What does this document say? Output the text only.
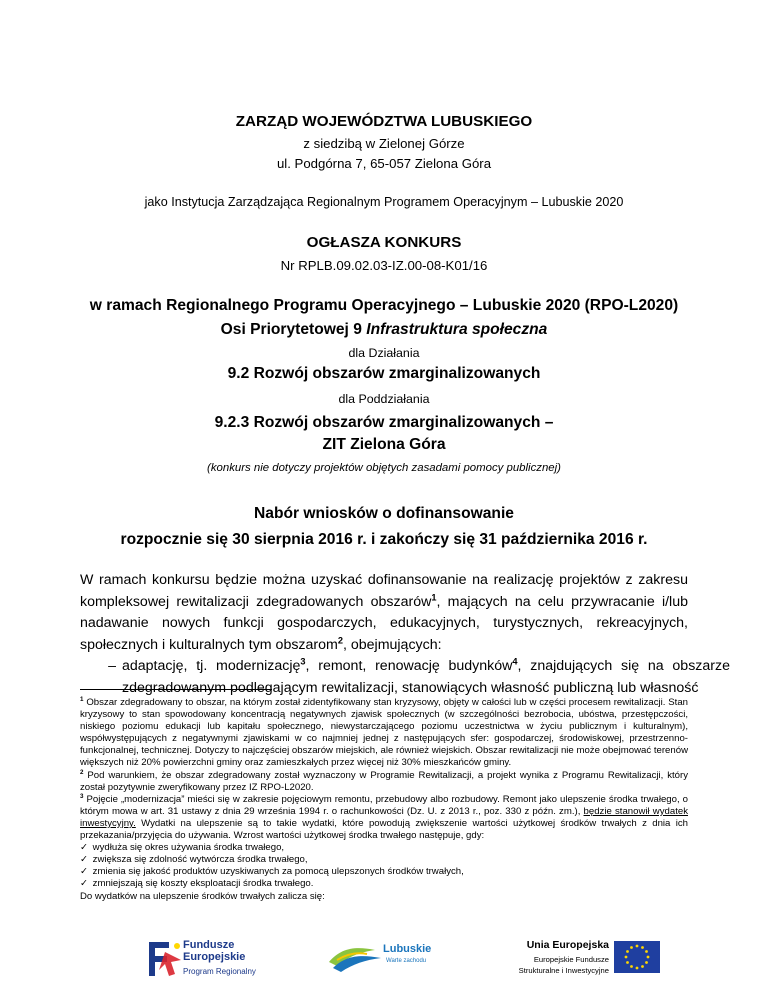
ZARZĄD WOJEWÓDZTWA LUBUSKIEGO
z siedzibą w Zielonej Górze
ul. Podgórna 7, 65-057 Zielona Góra
jako Instytucja Zarządzająca Regionalnym Programem Operacyjnym – Lubuskie 2020
OGŁASZA KONKURS
Nr RPLB.09.02.03-IZ.00-08-K01/16
w ramach Regionalnego Programu Operacyjnego – Lubuskie 2020 (RPO-L2020)
Osi Priorytetowej 9 Infrastruktura społeczna
dla Działania
9.2 Rozwój obszarów zmarginalizowanych
dla Poddziałania
9.2.3 Rozwój obszarów zmarginalizowanych –
ZIT Zielona Góra
(konkurs nie dotyczy projektów objętych zasadami pomocy publicznej)
Nabór wniosków o dofinansowanie
rozpocznie się 30 sierpnia 2016 r. i zakończy się 31 października 2016 r.
W ramach konkursu będzie można uzyskać dofinansowanie na realizację projektów z zakresu kompleksowej rewitalizacji zdegradowanych obszarów$^1$, mających na celu przywracanie i/lub nadawanie nowych funkcji gospodarczych, edukacyjnych, turystycznych, rekreacyjnych, społecznych i kulturalnych tym obszarom$^2$, obejmujących:
– adaptację, tj. modernizację$^3$, remont, renowację budynków$^4$, znajdujących się na obszarze zdegradowanym podlegającym rewitalizacji, stanowiących własność publiczną lub własność

$^1$ Obszar zdegradowany to obszar, na którym został zidentyfikowany stan kryzysowy, objęty w całości lub w części procesem rewitalizacji. Stan kryzysowy to stan spowodowany koncentracją negatywnych zjawisk społecznych (w szczególności bezrobocia, ubóstwa, przestępczości, niskiego poziomu edukacji lub kapitału społecznego, niewystarczającego poziomu uczestnictwa w życiu publicznym i kulturalnym), współwystępujących z negatywnymi zjawiskami w co najmniej jednej z następujących sfer: gospodarczej, środowiskowej, przestrzenno-funkcjonalnej, technicznej. Dotyczy to najczęściej obszarów miejskich, ale również wiejskich. Obszar rewitalizacji nie może obejmować terenów większych niż 20% powierzchni gminy oraz zamieszkałych przez więcej niż 30% mieszkańców gminy.

$^2$ Pod warunkiem, że obszar zdegradowany został wyznaczony w Programie Rewitalizacji, a projekt wynika z Programu Rewitalizacji, który został pozytywnie zweryfikowany przez IZ RPO-L2020.

$^3$ Pojęcie „modernizacja” mieści się w zakresie pojęciowym remontu, przebudowy albo rozbudowy. Remont jako ulepszenie środka trwałego, o którym mowa w art. 31 ustawy z dnia 29 września 1994 r. o rachunkowości (Dz. U. z 2013 r., poz. 330 z późn. zm.), będzie stanowił wydatek inwestycyjny. Wydatki na ulepszenie są to takie wydatki, które powodują zwiększenie wartości użytkowej środków trwałych z dnia ich przekazania/przyjęcia do używania. Wzrost wartości użytkowej środka trwałego następuje, gdy:

✓ wydłuża się okres używania środka trwałego,

✓ zwiększa się zdolność wytwórcza środka trwałego,

✓ zmienia się jakość produktów uzyskiwanych za pomocą ulepszonych środków trwałych,

✓ zmniejszają się koszty eksploatacji środka trwałego.

Do wydatków na ulepszenie środków trwałych zalicza się:

Fundusze
Europejskie
Program Regionalny
Lubuskie
Warte zachodu
Unia Europejska
Europejskie Fundusze
Strukturalne i Inwestycyjne
